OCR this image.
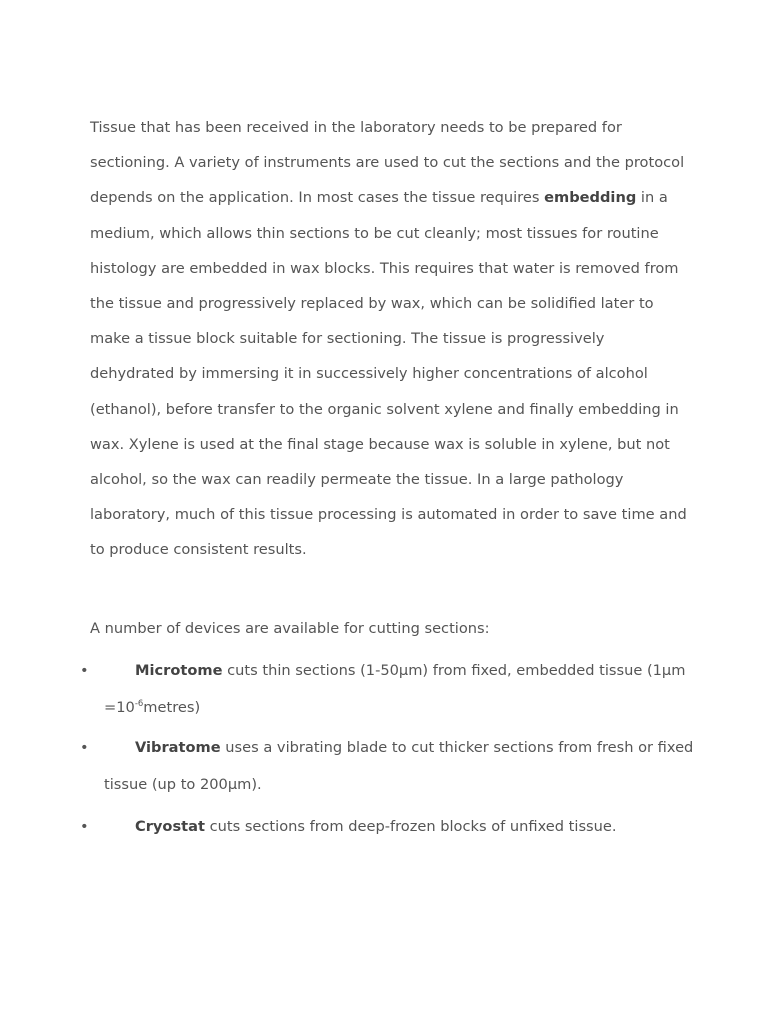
Tissue that has been received in the laboratory needs to be prepared for sectioning. A variety of instruments are used to cut the sections and the protocol depends on the application. In most cases the tissue requires embedding in a medium, which allows thin sections to be cut cleanly; most tissues for routine histology are embedded in wax blocks. This requires that water is removed from the tissue and progressively replaced by wax, which can be solidified later to make a tissue block suitable for sectioning. The tissue is progressively dehydrated by immersing it in successively higher concentrations of alcohol (ethanol), before transfer to the organic solvent xylene and finally embedding in wax. Xylene is used at the final stage because wax is soluble in xylene, but not alcohol, so the wax can readily permeate the tissue. In a large pathology laboratory, much of this tissue processing is automated in order to save time and to produce consistent results.

A number of devices are available for cutting sections:

•	Microtome cuts thin sections (1-50µm) from fixed, embedded tissue $(1\mu m =10^{-6}metres)$
•	Vibratome uses a vibrating blade to cut thicker sections from fresh or fixed tissue (up to 200µm).
•	Cryostat cuts sections from deep-frozen blocks of unfixed tissue.
